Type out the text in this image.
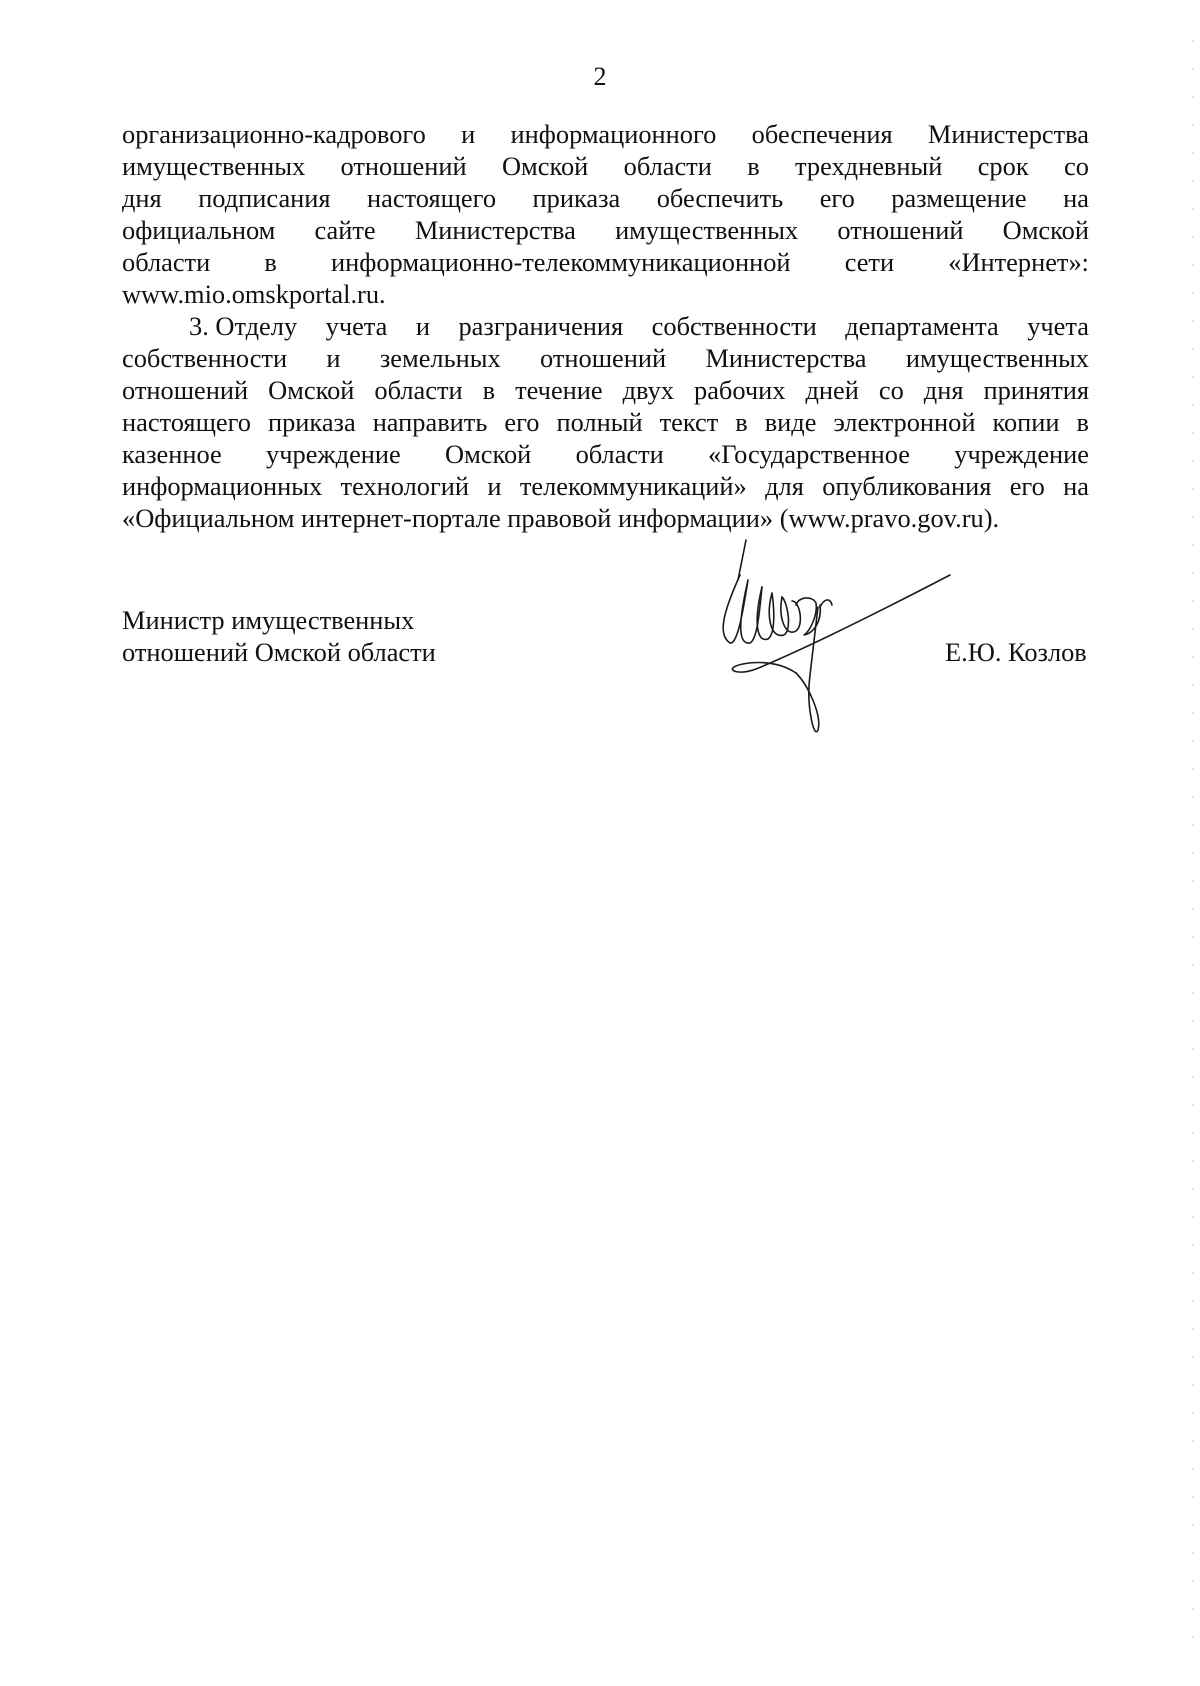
2
организационно-кадрового и информационного обеспечения Министерства
имущественных отношений Омской области в трехдневный срок со
дня подписания настоящего приказа обеспечить его размещение на
официальном сайте Министерства имущественных отношений Омской
области в информационно-телекоммуникационной сети «Интернет»:
www.mio.omskportal.ru.
3. Отделу учета и разграничения собственности департамента учета
собственности и земельных отношений Министерства имущественных
отношений Омской области в течение двух рабочих дней со дня принятия
настоящего приказа направить его полный текст в виде электронной копии в
казенное учреждение Омской области «Государственное учреждение
информационных технологий и телекоммуникаций» для опубликования его на
«Официальном интернет-портале правовой информации» (www.pravo.gov.ru).
Министр имущественных
отношений Омской области	Е.Ю. Козлов
